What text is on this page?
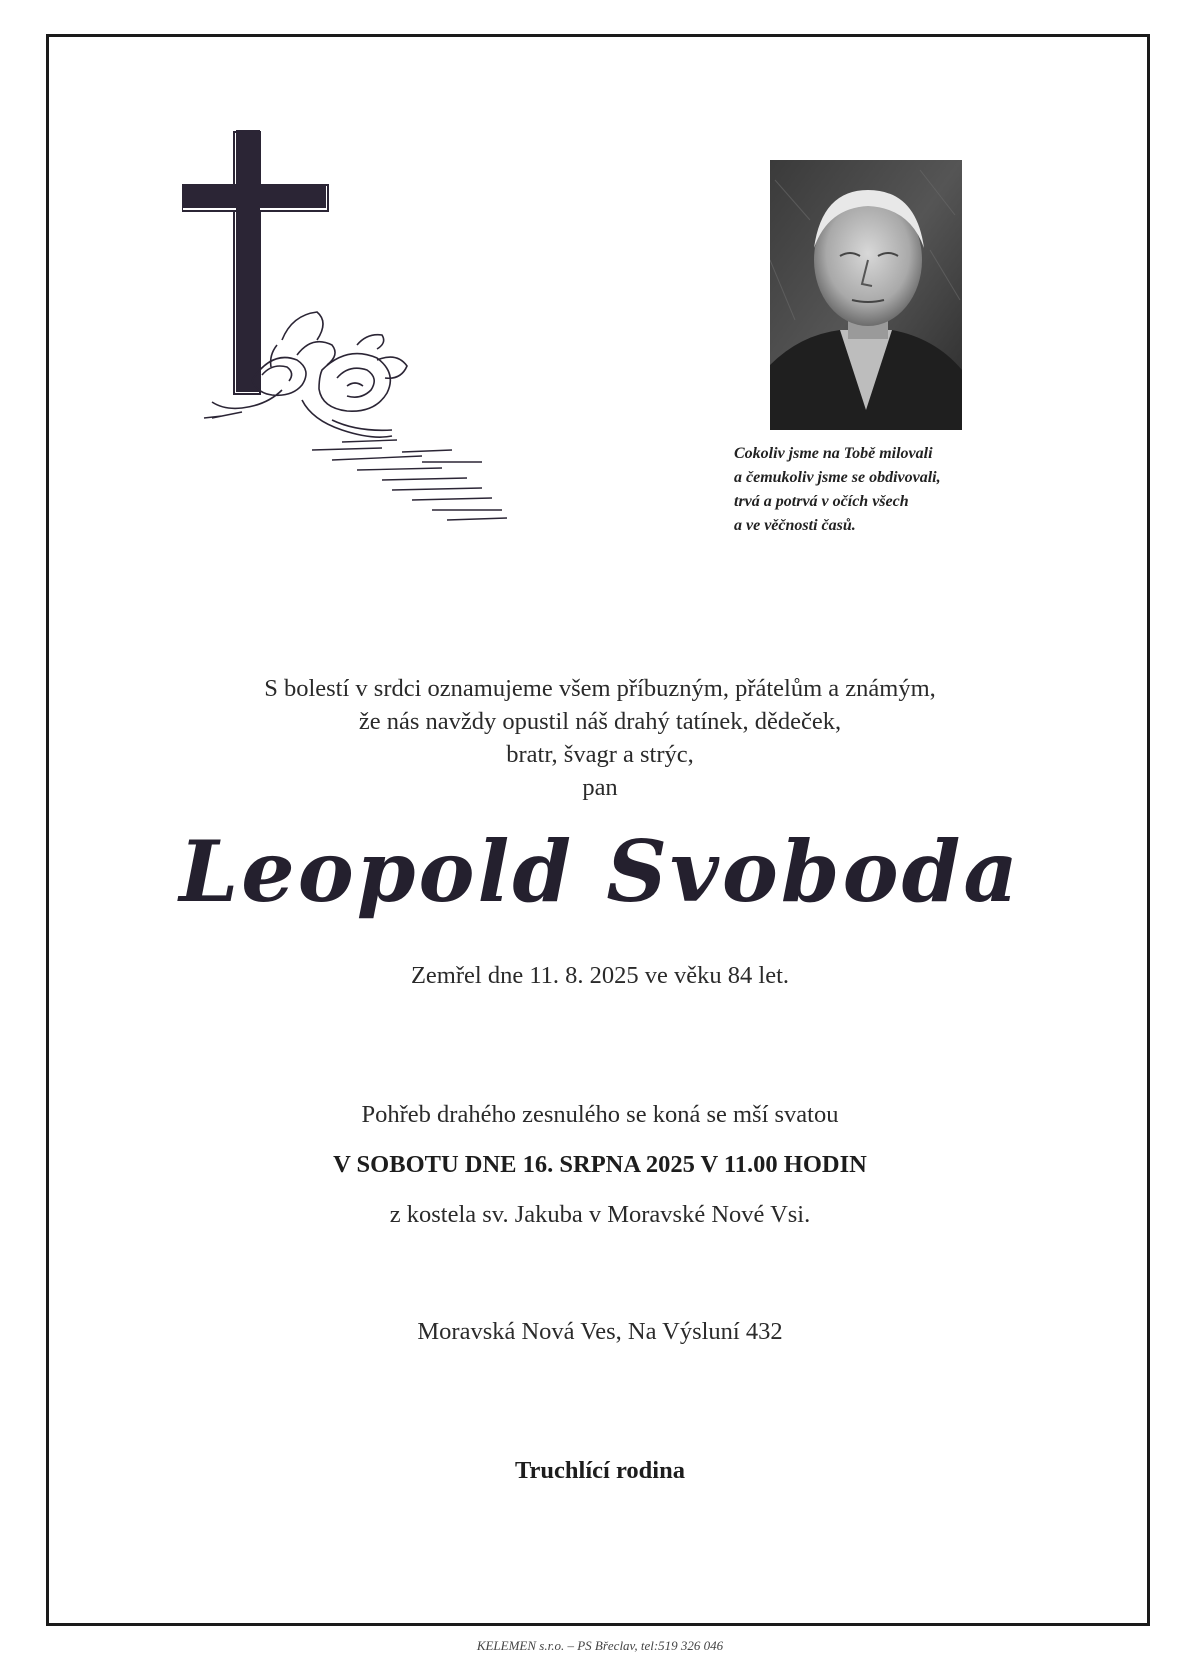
Cokoliv jsme na Tobě milovali
a čemukoliv jsme se obdivovali,
trvá a potrvá v očích všech
a ve věčnosti časů.
S bolestí v srdci oznamujeme všem příbuzným, přátelům a známým,
že nás navždy opustil náš drahý tatínek, dědeček,
bratr, švagr a strýc,
pan
Leopold Svoboda
Zemřel dne 11. 8. 2025 ve věku 84 let.
Pohřeb drahého zesnulého se koná se mší svatou
V SOBOTU DNE 16. SRPNA 2025 V 11.00 HODIN
z kostela sv. Jakuba v Moravské Nové Vsi.
Moravská Nová Ves, Na Výsluní 432
Truchlící rodina
KELEMEN s.r.o. – PS Břeclav, tel:519 326 046
